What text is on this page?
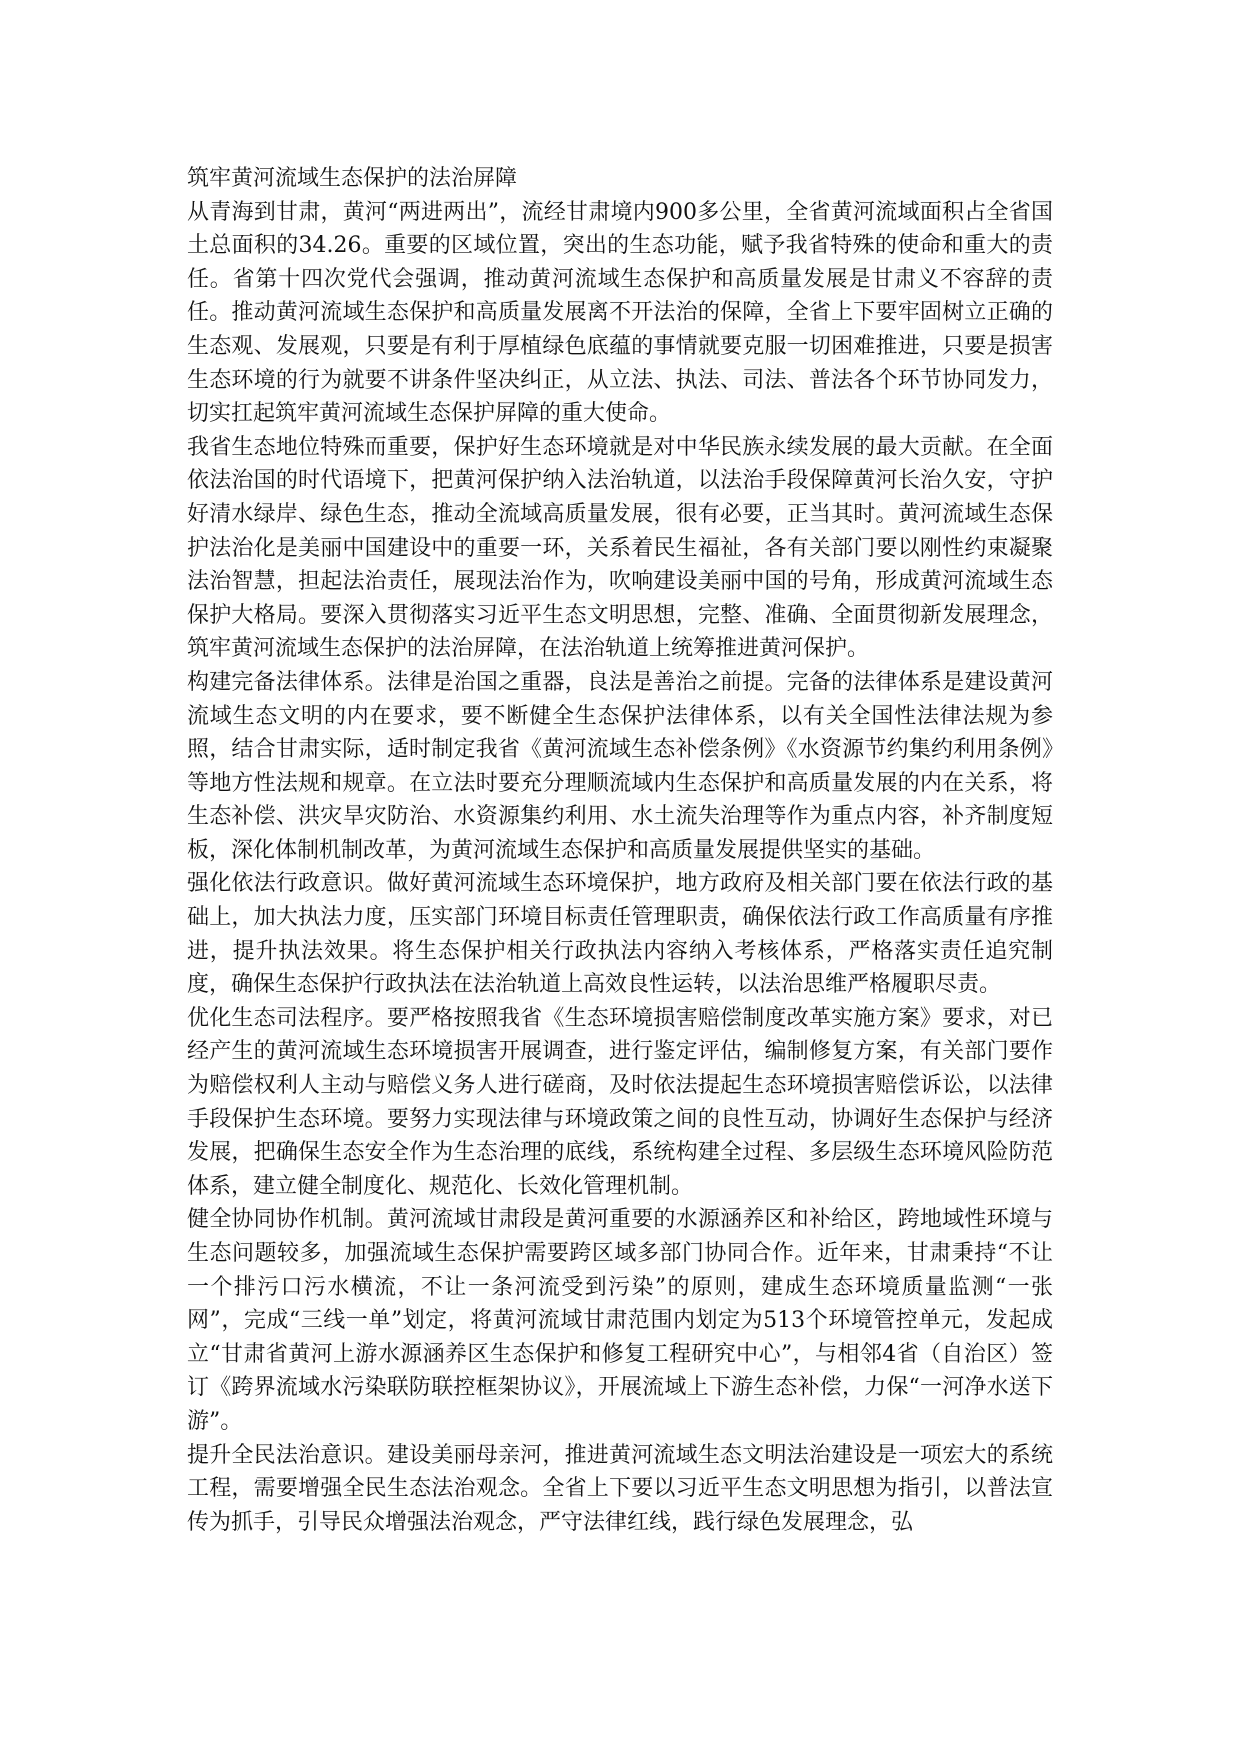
筑牢黄河流域生态保护的法治屏障

从青海到甘肃，黄河“两进两出”，流经甘肃境内900多公里，全省黄河流域面积占全省国土总面积的34.26。重要的区域位置，突出的生态功能，赋予我省特殊的使命和重大的责任。省第十四次党代会强调，推动黄河流域生态保护和高质量发展是甘肃义不容辞的责任。推动黄河流域生态保护和高质量发展离不开法治的保障，全省上下要牢固树立正确的生态观、发展观，只要是有利于厚植绿色底蕴的事情就要克服一切困难推进，只要是损害生态环境的行为就要不讲条件坚决纠正，从立法、执法、司法、普法各个环节协同发力，切实扛起筑牢黄河流域生态保护屏障的重大使命。

我省生态地位特殊而重要，保护好生态环境就是对中华民族永续发展的最大贡献。在全面依法治国的时代语境下，把黄河保护纳入法治轨道，以法治手段保障黄河长治久安，守护好清水绿岸、绿色生态，推动全流域高质量发展，很有必要，正当其时。黄河流域生态保护法治化是美丽中国建设中的重要一环，关系着民生福祉，各有关部门要以刚性约束凝聚法治智慧，担起法治责任，展现法治作为，吹响建设美丽中国的号角，形成黄河流域生态保护大格局。要深入贯彻落实习近平生态文明思想，完整、准确、全面贯彻新发展理念，筑牢黄河流域生态保护的法治屏障，在法治轨道上统筹推进黄河保护。

构建完备法律体系。法律是治国之重器，良法是善治之前提。完备的法律体系是建设黄河流域生态文明的内在要求，要不断健全生态保护法律体系，以有关全国性法律法规为参照，结合甘肃实际，适时制定我省《黄河流域生态补偿条例》《水资源节约集约利用条例》等地方性法规和规章。在立法时要充分理顺流域内生态保护和高质量发展的内在关系，将生态补偿、洪灾旱灾防治、水资源集约利用、水土流失治理等作为重点内容，补齐制度短板，深化体制机制改革，为黄河流域生态保护和高质量发展提供坚实的基础。

强化依法行政意识。做好黄河流域生态环境保护，地方政府及相关部门要在依法行政的基础上，加大执法力度，压实部门环境目标责任管理职责，确保依法行政工作高质量有序推进，提升执法效果。将生态保护相关行政执法内容纳入考核体系，严格落实责任追究制度，确保生态保护行政执法在法治轨道上高效良性运转，以法治思维严格履职尽责。

优化生态司法程序。要严格按照我省《生态环境损害赔偿制度改革实施方案》要求，对已经产生的黄河流域生态环境损害开展调查，进行鉴定评估，编制修复方案，有关部门要作为赔偿权利人主动与赔偿义务人进行磋商，及时依法提起生态环境损害赔偿诉讼，以法律手段保护生态环境。要努力实现法律与环境政策之间的良性互动，协调好生态保护与经济发展，把确保生态安全作为生态治理的底线，系统构建全过程、多层级生态环境风险防范体系，建立健全制度化、规范化、长效化管理机制。

健全协同协作机制。黄河流域甘肃段是黄河重要的水源涵养区和补给区，跨地域性环境与生态问题较多，加强流域生态保护需要跨区域多部门协同合作。近年来，甘肃秉持“不让一个排污口污水横流，不让一条河流受到污染”的原则，建成生态环境质量监测“一张网”，完成“三线一单”划定，将黄河流域甘肃范围内划定为513个环境管控单元，发起成立“甘肃省黄河上游水源涵养区生态保护和修复工程研究中心”，与相邻4省（自治区）签订《跨界流域水污染联防联控框架协议》，开展流域上下游生态补偿，力保“一河净水送下游”。

提升全民法治意识。建设美丽母亲河，推进黄河流域生态文明法治建设是一项宏大的系统工程，需要增强全民生态法治观念。全省上下要以习近平生态文明思想为指引，以普法宣传为抓手，引导民众增强法治观念，严守法律红线，践行绿色发展理念，弘
